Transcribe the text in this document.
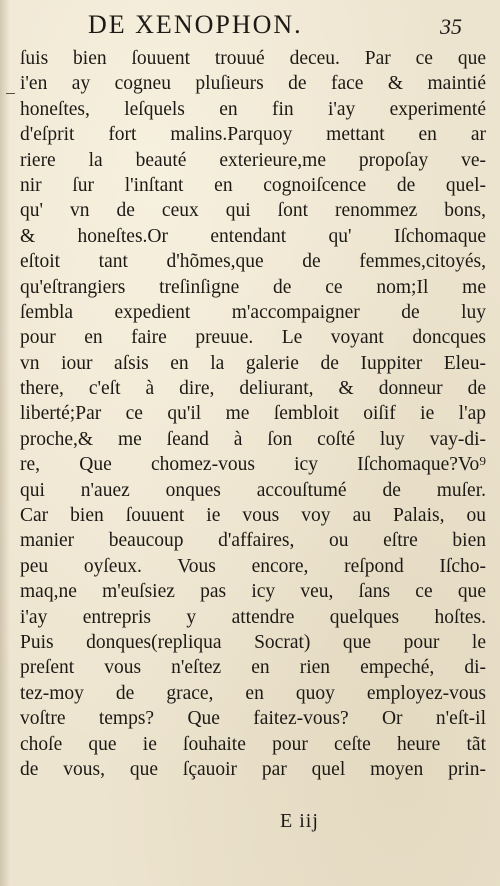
DE XENOPHON.	35
ſuis bien ſouuent trouué deceu. Par ce que
i'en ay cogneu pluſieurs de face & maintié
honeſtes, leſquels en fin i'ay experimenté
d'eſprit fort malins.Parquoy mettant en ar
riere la beauté exterieure,me propoſay ve-
nir ſur l'inſtant en cognoiſcence de quel-
qu' vn de ceux qui ſont renommez bons,
& honeſtes.Or entendant qu' Iſchomaque
eſtoit tant d'hõmes,que de femmes,citoyés,
qu'eſtrangiers treſinſigne de ce nom;Il me
ſembla expedient m'accompaigner de luy
pour en faire preuue. Le voyant doncques
vn iour aſsis en la galerie de Iuppiter Eleu-
there, c'eſt à dire, deliurant, & donneur de
liberté;Par ce qu'il me ſembloit oiſif ie l'ap
proche,& me ſeand à ſon coſté luy vay-di-
re, Que chomez-vous icy Iſchomaque?Vo⁹
qui n'auez onques accouſtumé de muſer.
Car bien ſouuent ie vous voy au Palais, ou
manier beaucoup d'affaires, ou eſtre bien
peu oyſeux. Vous encore, reſpond Iſcho-
maq,ne m'euſsiez pas icy veu, ſans ce que
i'ay entrepris y attendre quelques hoſtes.
Puis donques(repliqua Socrat) que pour le
preſent vous n'eſtez en rien empeché, di-
tez-moy de grace, en quoy employez-vous
voſtre temps? Que faitez-vous? Or n'eſt-il
choſe que ie ſouhaite pour ceſte heure tãt
de vous, que ſçauoir par quel moyen prin-
E iij
